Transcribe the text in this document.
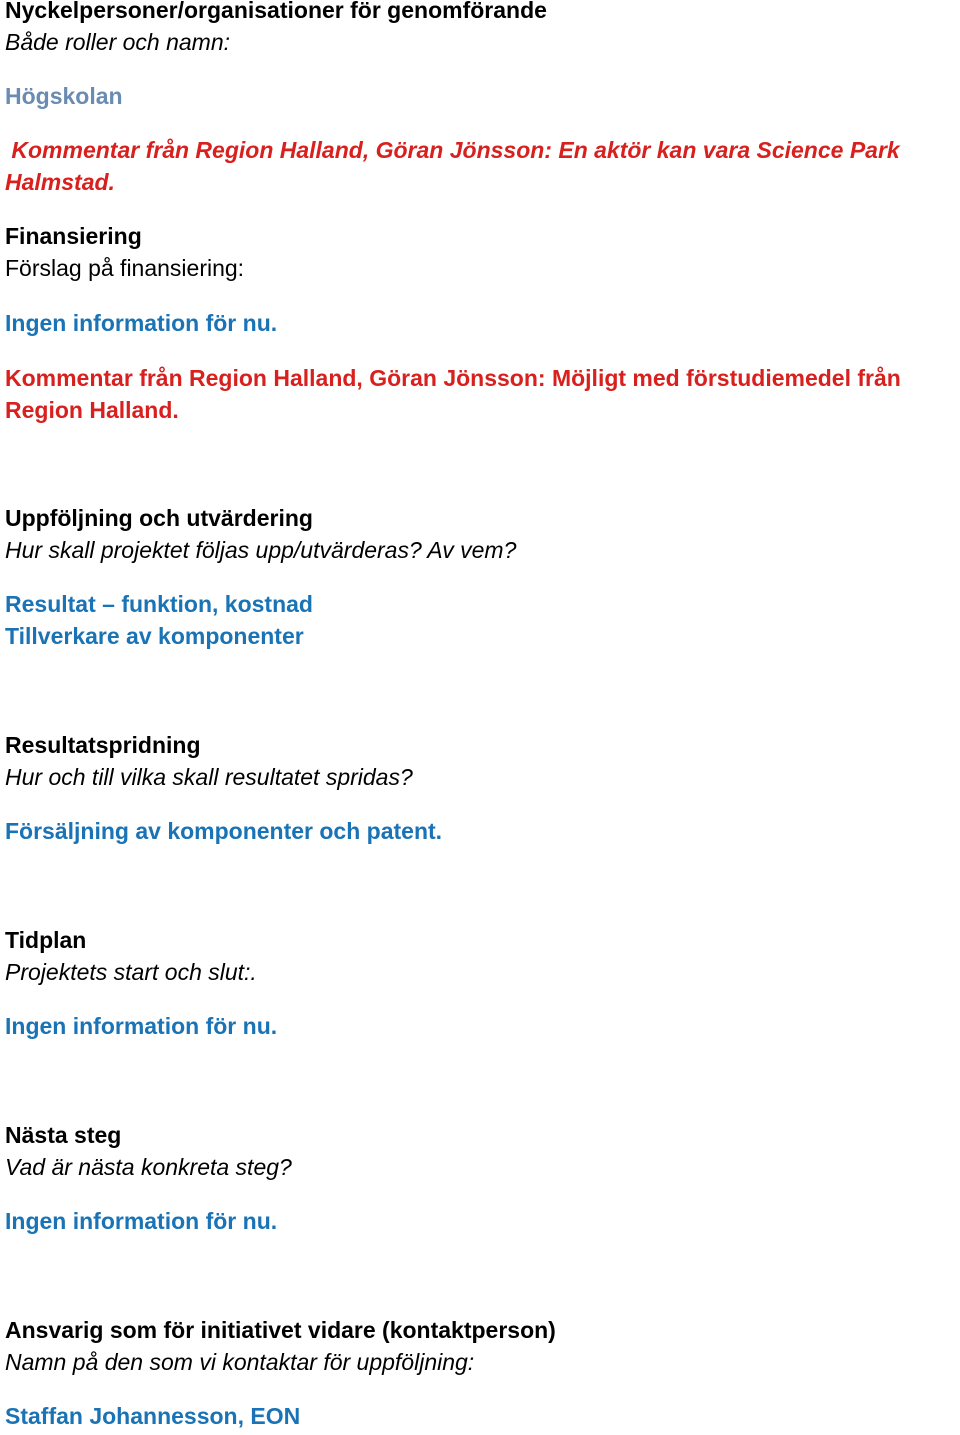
Nyckelpersoner/organisationer för genomförande
Både roller och namn:
Högskolan
Kommentar från Region Halland, Göran Jönsson: En aktör kan vara Science Park
Halmstad.
Finansiering
Förslag på finansiering:
Ingen information för nu.
Kommentar från Region Halland, Göran Jönsson: Möjligt med förstudiemedel från
Region Halland.
Uppföljning och utvärdering
Hur skall projektet följas upp/utvärderas? Av vem?
Resultat – funktion, kostnad
Tillverkare av komponenter
Resultatspridning
Hur och till vilka skall resultatet spridas?
Försäljning av komponenter och patent.
Tidplan
Projektets start och slut:.
Ingen information för nu.
Nästa steg
Vad är nästa konkreta steg?
Ingen information för nu.
Ansvarig som för initiativet vidare (kontaktperson)
Namn på den som vi kontaktar för uppföljning:
Staffan Johannesson, EON
